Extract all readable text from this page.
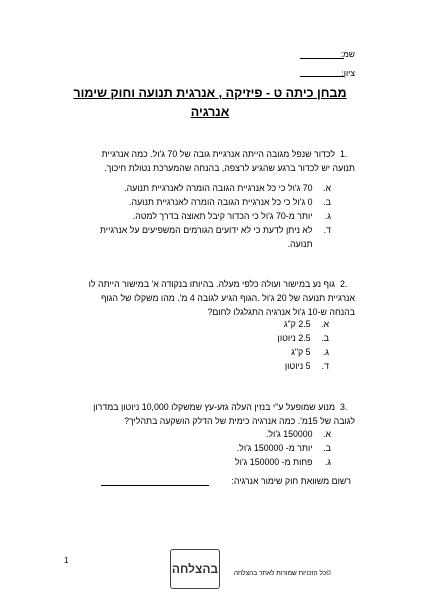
שמ:
ציון:
מבחן כיתה ט - פיזיקה , אנרגית תנועה וחוק שימור
אנרגיה
1.
לכדור שנפל מגובה הייתה אנרגיית גובה של 70 ג'ול. כמה אנרגיית
תנועה יש לכדור ברגע שהגיע לרצפה, בהנחה שהמערכת נטולת חיכוך.
א. 70 ג'ול כי כל אנרגיית הגובה הומרה לאנרגיית תנועה.
ב. 0 ג'ול כי כל אנרגיית הגובה הומרה לאנרגיית תנועה.
ג. יותר מ-70 ג'ול כי הכדור קיבל תאוצה בדרך למטה.
ד. לא ניתן לדעת כי לא ידועים הגורמים המשפיעים על אנרגיית
תנועה.
2.
גוף נע במישור ועולה כלפי מעלה. בהיותו בנקודה א' במישור הייתה לו
אנרגיית תנועה של 20 ג'ול .הגוף הגיע לגובה 4 מ'. מהו משקלו של הגוף
בהנחה ש-10 ג'ול אנרגיה התגלגלו לחום?
א. 2.5 ק"ג
ב. 2.5 ניוטון
ג. 5 ק"ג
ד. 5 ניוטון
3.
מנוע שמופעל ע"י בנזין העלה גזע-עץ שמשקלו 10,000 ניוטון במדרון
לגובה של 15מ'. כמה אנרגיה כימית של הדלק הושקעה בתהליך?
א. 150000 ג'ול.
ב. יותר מ- 150000 ג'ול.
ג. פחות מ- 150000 ג'ול
רשום משוואת חוק שימור אנרגיה:
1
בהצלחה ©כל הזכויות שמורות לאתר בהצלחה
